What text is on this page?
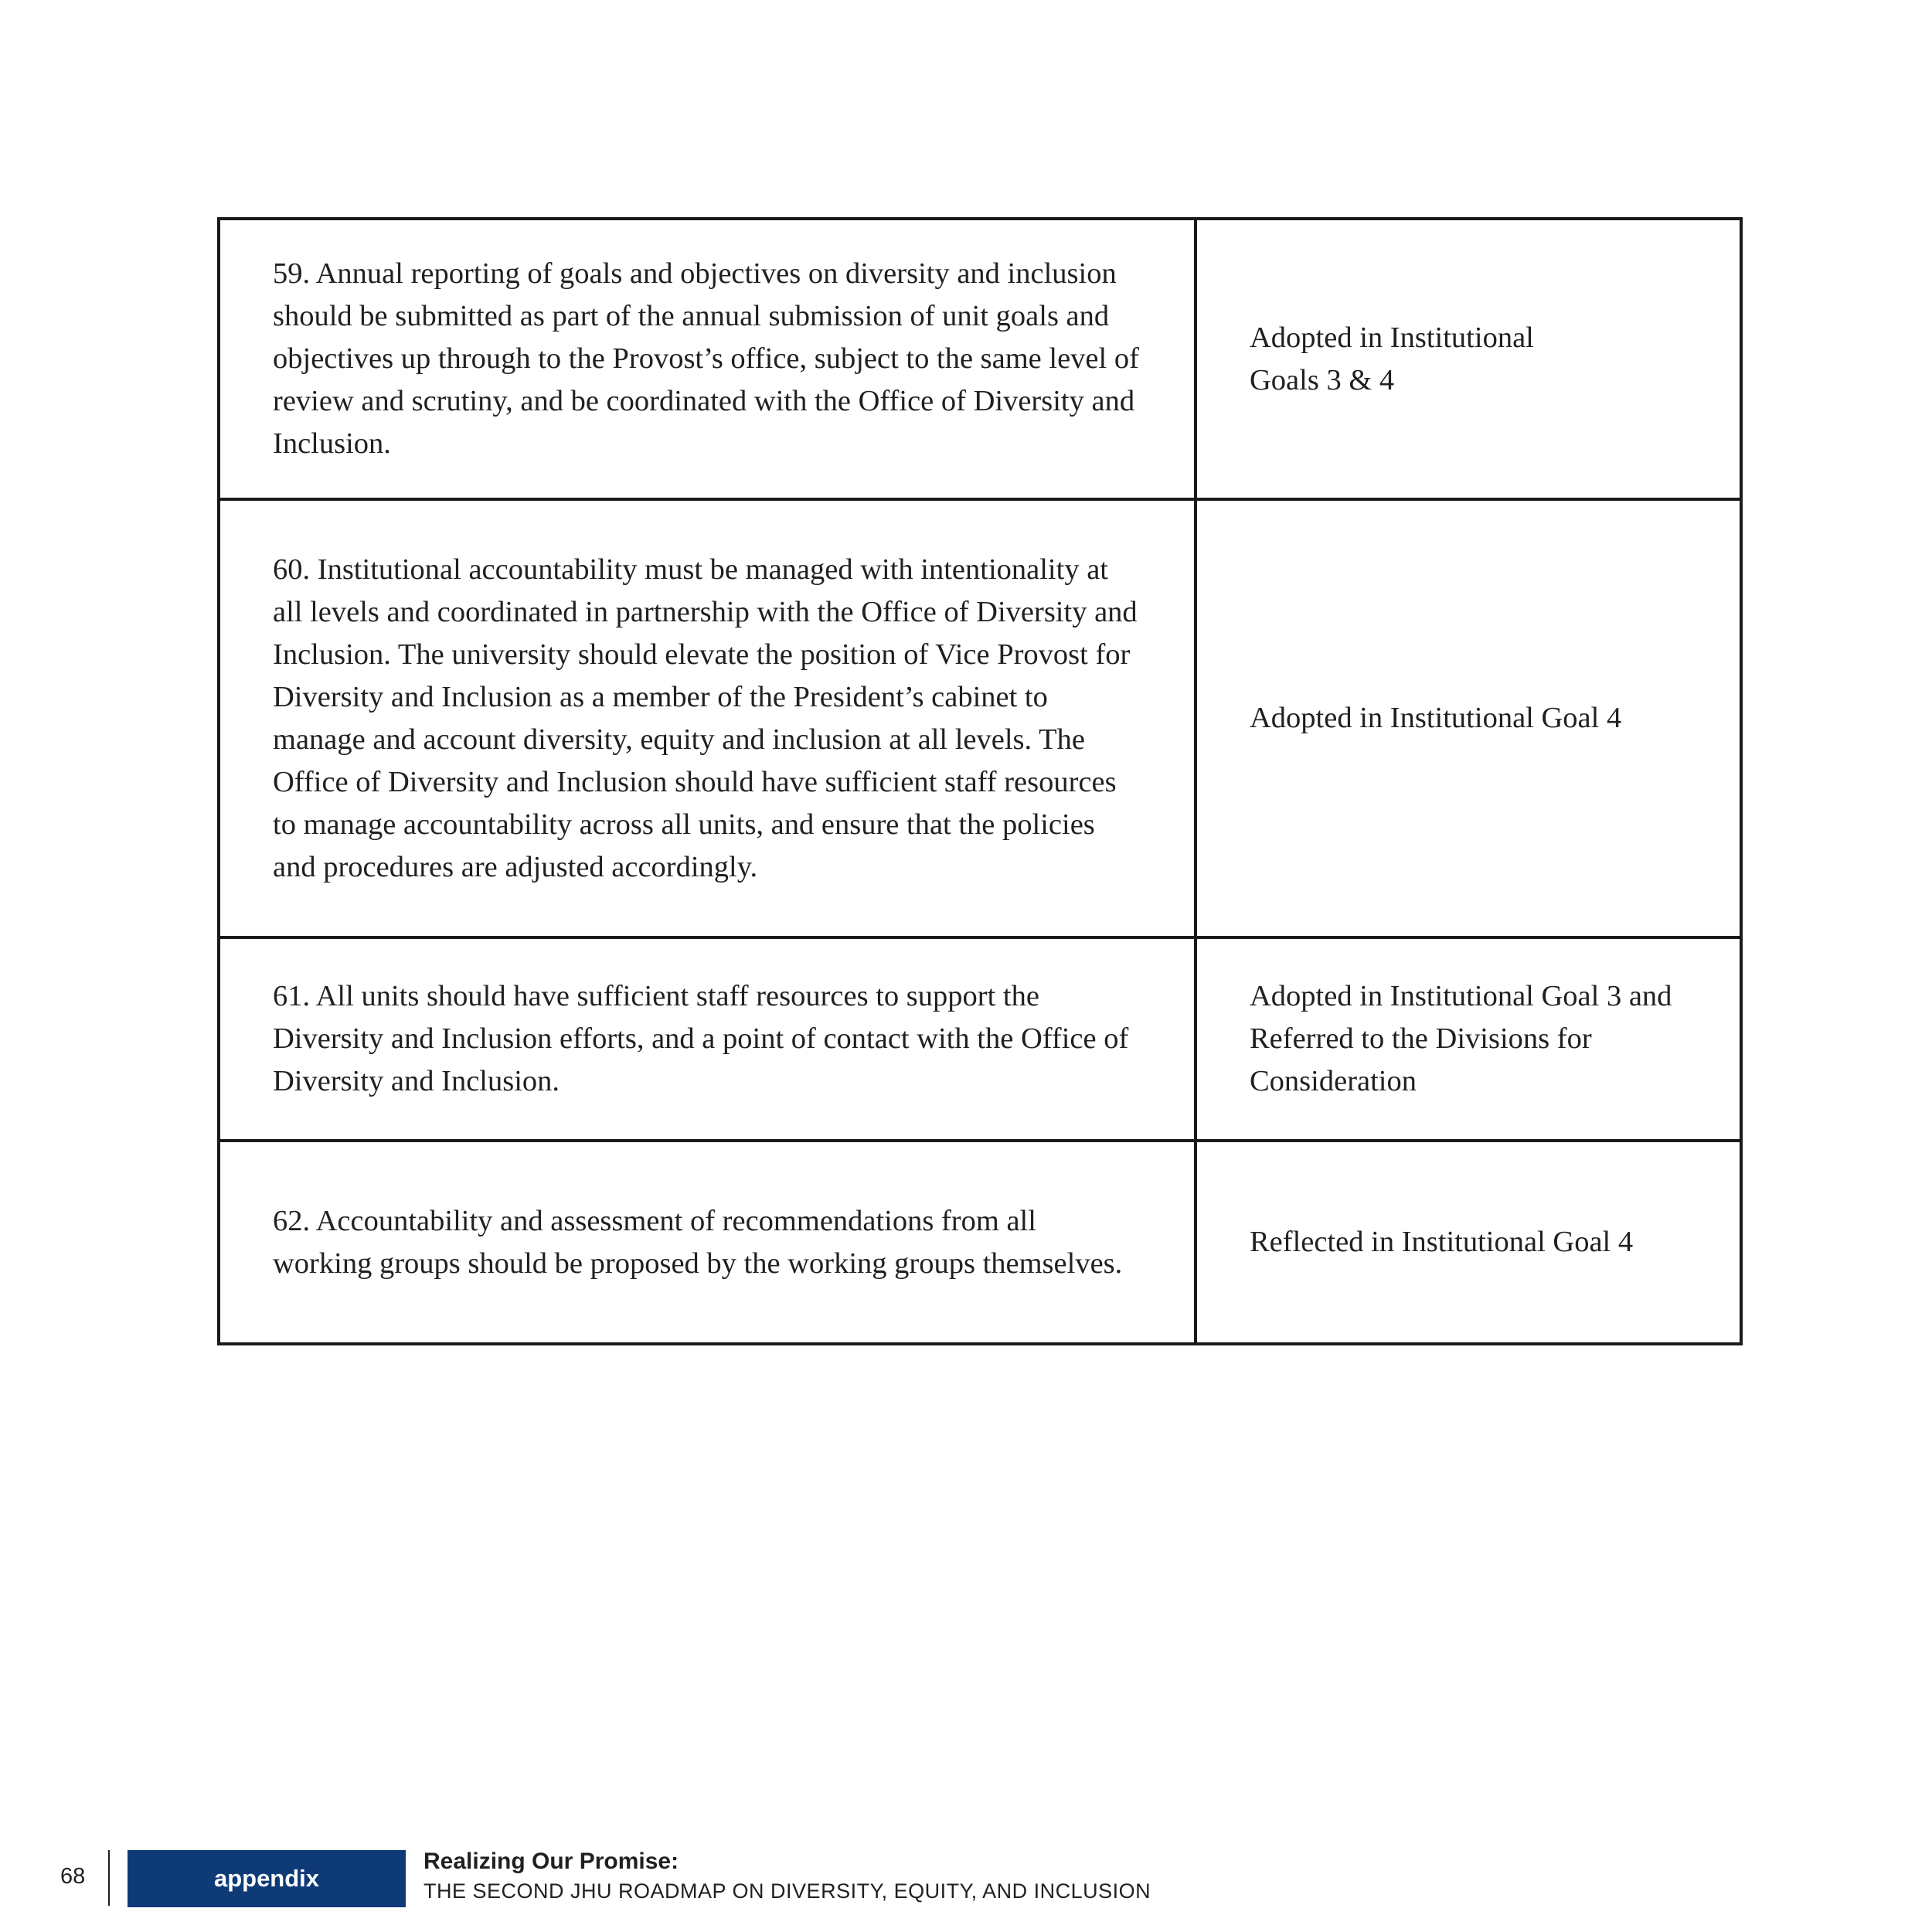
59. Annual reporting of goals and objectives on diversity and inclusion should be submitted as part of the annual submission of unit goals and objectives up through to the Provost’s office, subject to the same level of review and scrutiny, and be coordinated with the Office of Diversity and Inclusion.	Adopted in Institutional Goals 3 & 4

60. Institutional accountability must be managed with intentionality at all levels and coordinated in partnership with the Office of Diversity and Inclusion. The university should elevate the position of Vice Provost for Diversity and Inclusion as a member of the President’s cabinet to manage and account diversity, equity and inclusion at all levels. The Office of Diversity and Inclusion should have sufficient staff resources to manage accountability across all units, and ensure that the policies and procedures are adjusted accordingly.	Adopted in Institutional Goal 4

61. All units should have sufficient staff resources to support the Diversity and Inclusion efforts, and a point of contact with the Office of Diversity and Inclusion.	Adopted in Institutional Goal 3 and Referred to the Divisions for Consideration

62. Accountability and assessment of recommendations from all working groups should be proposed by the working groups themselves.	Reflected in Institutional Goal 4
68	appendix
Realizing Our Promise:
THE SECOND JHU ROADMAP ON DIVERSITY, EQUITY, AND INCLUSION
